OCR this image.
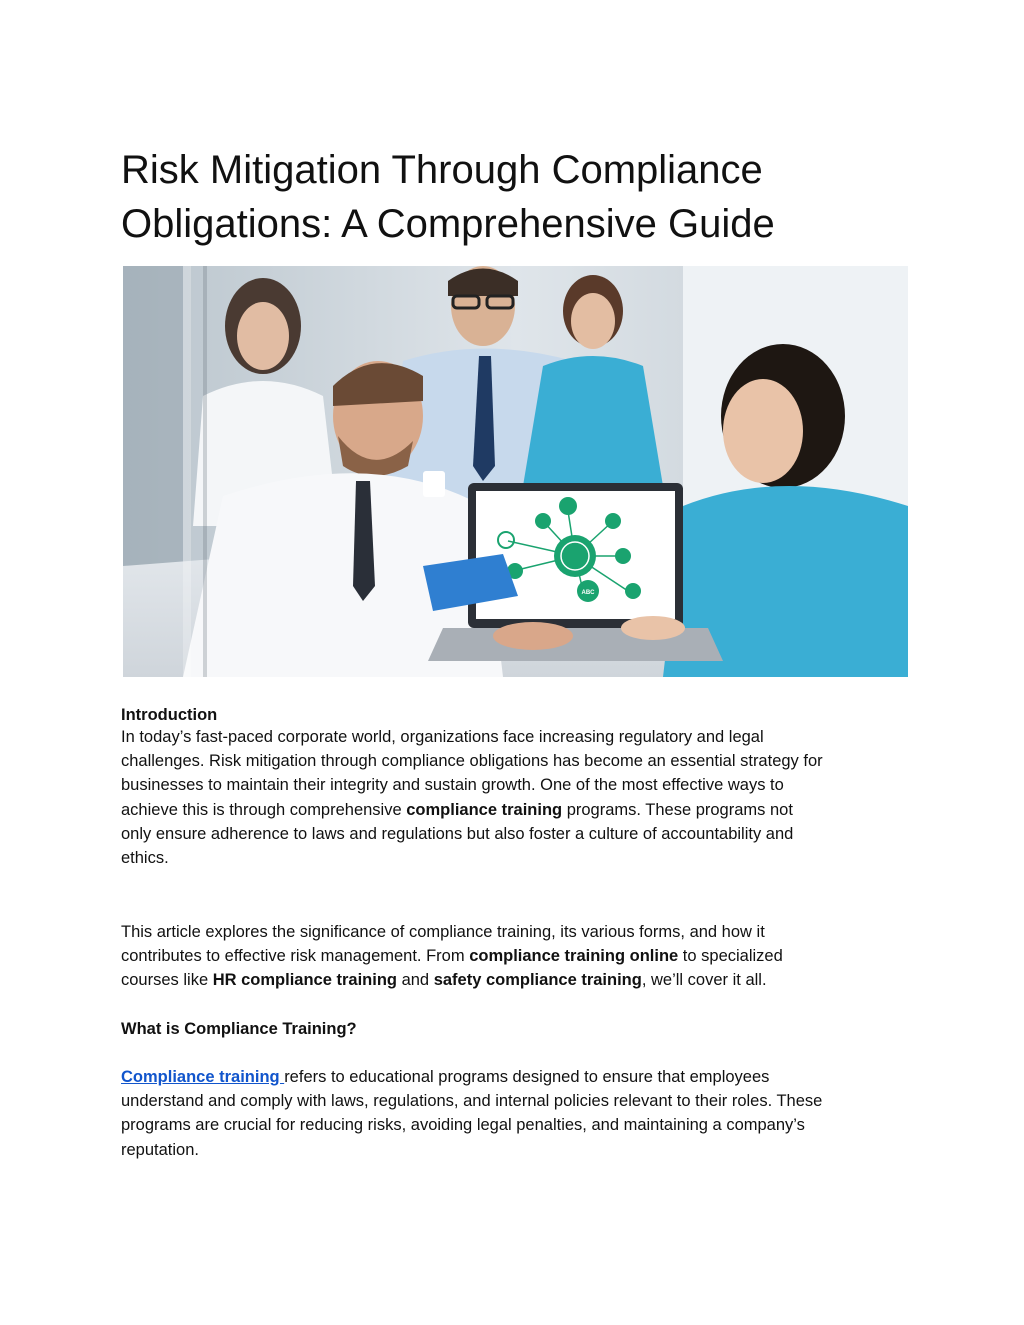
Risk Mitigation Through Compliance
Obligations: A Comprehensive Guide
ABC

Introduction

In today’s fast-paced corporate world, organizations face increasing regulatory and legal
challenges. Risk mitigation through compliance obligations has become an essential strategy for
businesses to maintain their integrity and sustain growth. One of the most effective ways to
achieve this is through comprehensive compliance training programs. These programs not
only ensure adherence to laws and regulations but also foster a culture of accountability and
ethics.

This article explores the significance of compliance training, its various forms, and how it
contributes to effective risk management. From compliance training online to specialized
courses like HR compliance training and safety compliance training, we’ll cover it all.

What is Compliance Training?

Compliance training refers to educational programs designed to ensure that employees
understand and comply with laws, regulations, and internal policies relevant to their roles. These
programs are crucial for reducing risks, avoiding legal penalties, and maintaining a company’s
reputation.
